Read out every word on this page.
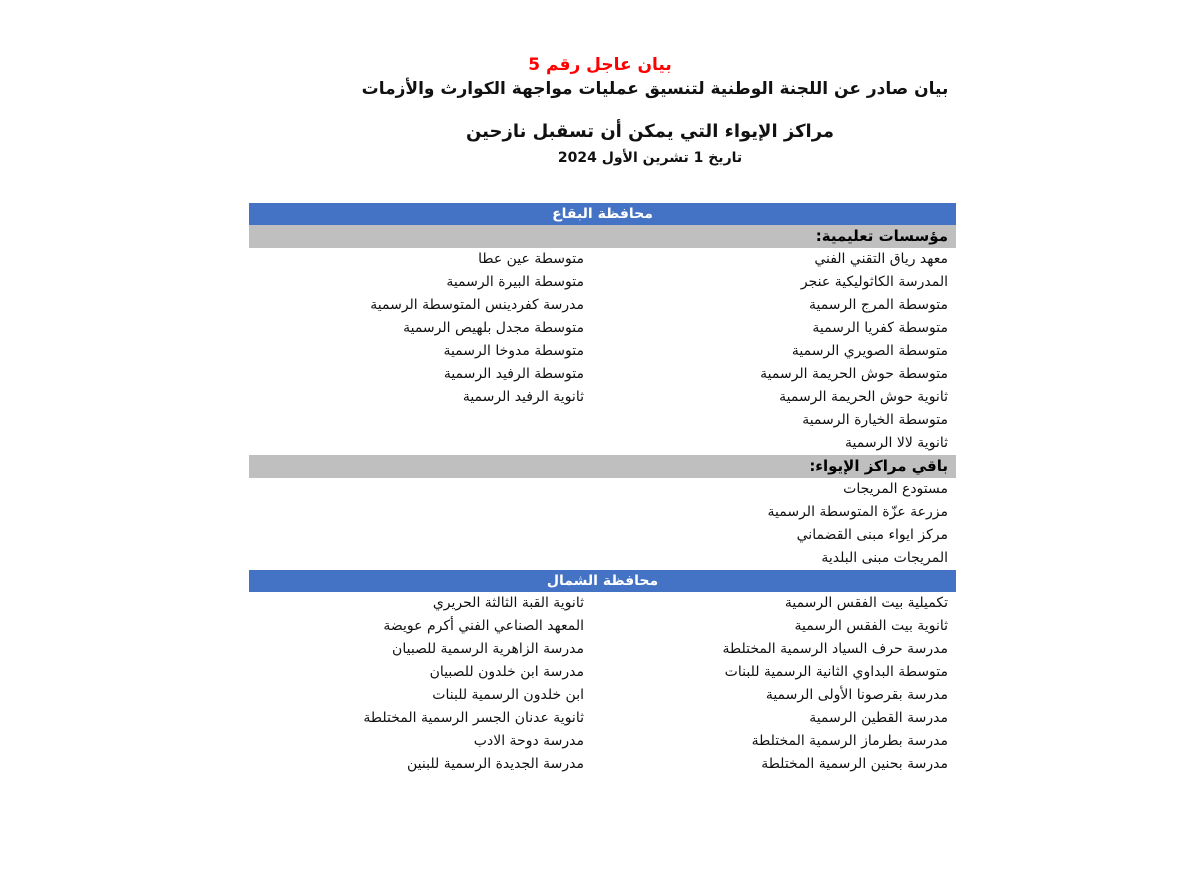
بيان عاجل رقم 5
بيان صادر عن اللجنة الوطنية لتنسيق عمليات مواجهة الكوارث والأزمات
مراكز الإيواء التي يمكن أن تسقبل نازحين
تاريخ 1 تشرين الأول 2024
محافظة البقاع
مؤسسات تعليمية:
معهد رياق التقني الفني
متوسطة عين عطا
المدرسة الكاثوليكية عنجر
متوسطة البيرة الرسمية
متوسطة المرج الرسمية
مدرسة كفردينس المتوسطة الرسمية
متوسطة كفريا الرسمية
متوسطة مجدل بلهيص الرسمية
متوسطة الصويري الرسمية
متوسطة مدوخا الرسمية
متوسطة حوش الحريمة الرسمية
متوسطة الرفيد الرسمية
ثانوية حوش الحريمة الرسمية
ثانوية الرفيد الرسمية
متوسطة الخيارة الرسمية
ثانوية لالا الرسمية
باقي مراكز الإيواء:
مستودع المريجات
مزرعة عزّة المتوسطة الرسمية
مركز ايواء مبنى القضماني
المريجات مبنى البلدية
محافظة الشمال
تكميلية بيت الفقس الرسمية
ثانوية القبة الثالثة الحريري
ثانوية بيت الفقس الرسمية
المعهد الصناعي الفني أكرم عويضة
مدرسة حرف السياد الرسمية المختلطة
مدرسة الزاهرية الرسمية للصبيان
متوسطة البداوي الثانية الرسمية للبنات
مدرسة ابن خلدون للصبيان
مدرسة بقرصونا الأولى الرسمية
ابن خلدون الرسمية للبنات
مدرسة القطين الرسمية
ثانوية عدنان الجسر الرسمية المختلطة
مدرسة بطرماز الرسمية المختلطة
مدرسة دوحة الادب
مدرسة بحنين الرسمية المختلطة
مدرسة الجديدة الرسمية للبنين
